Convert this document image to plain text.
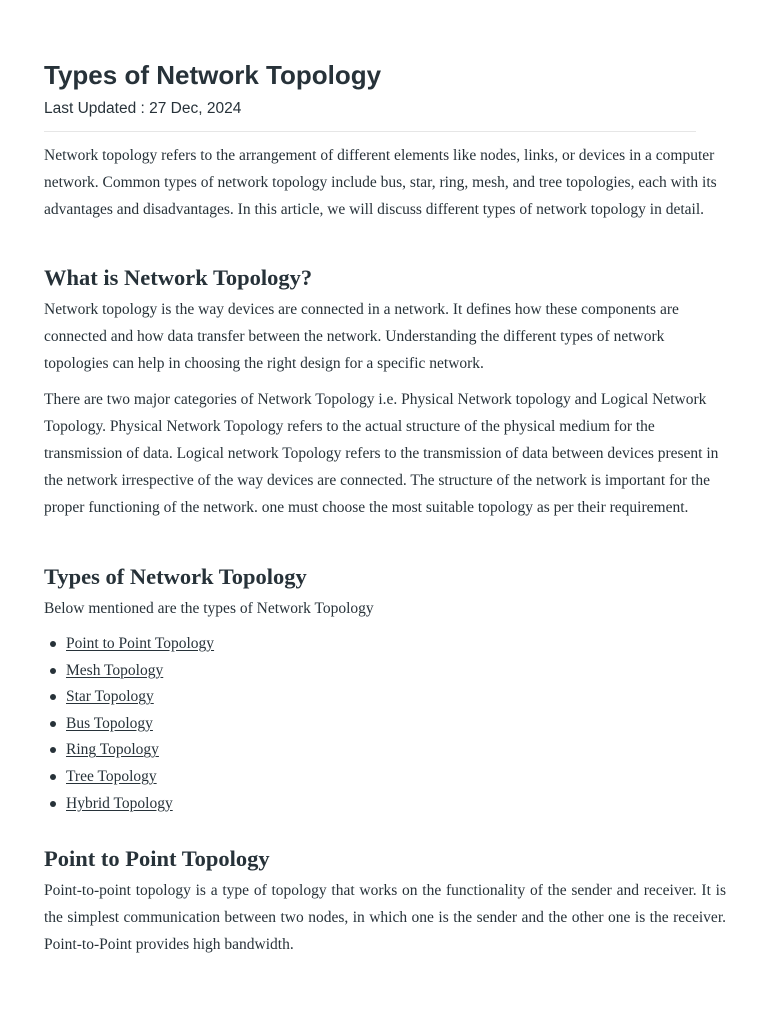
Types of Network Topology
Last Updated : 27 Dec, 2024

Network topology refers to the arrangement of different elements like nodes, links, or devices in a computer network. Common types of network topology include bus, star, ring, mesh, and tree topologies, each with its advantages and disadvantages. In this article, we will discuss different types of network topology in detail.

What is Network Topology?

Network topology is the way devices are connected in a network. It defines how these components are connected and how data transfer between the network. Understanding the different types of network topologies can help in choosing the right design for a specific network.

There are two major categories of Network Topology i.e. Physical Network topology and Logical Network Topology. Physical Network Topology refers to the actual structure of the physical medium for the transmission of data. Logical network Topology refers to the transmission of data between devices present in the network irrespective of the way devices are connected. The structure of the network is important for the proper functioning of the network. one must choose the most suitable topology as per their requirement.

Types of Network Topology

Below mentioned are the types of Network Topology

Point to Point Topology
Mesh Topology
Star Topology
Bus Topology
Ring Topology
Tree Topology
Hybrid Topology
Point to Point Topology

Point-to-point topology is a type of topology that works on the functionality of the sender and receiver. It is the simplest communication between two nodes, in which one is the sender and the other one is the receiver. Point-to-Point provides high bandwidth.
